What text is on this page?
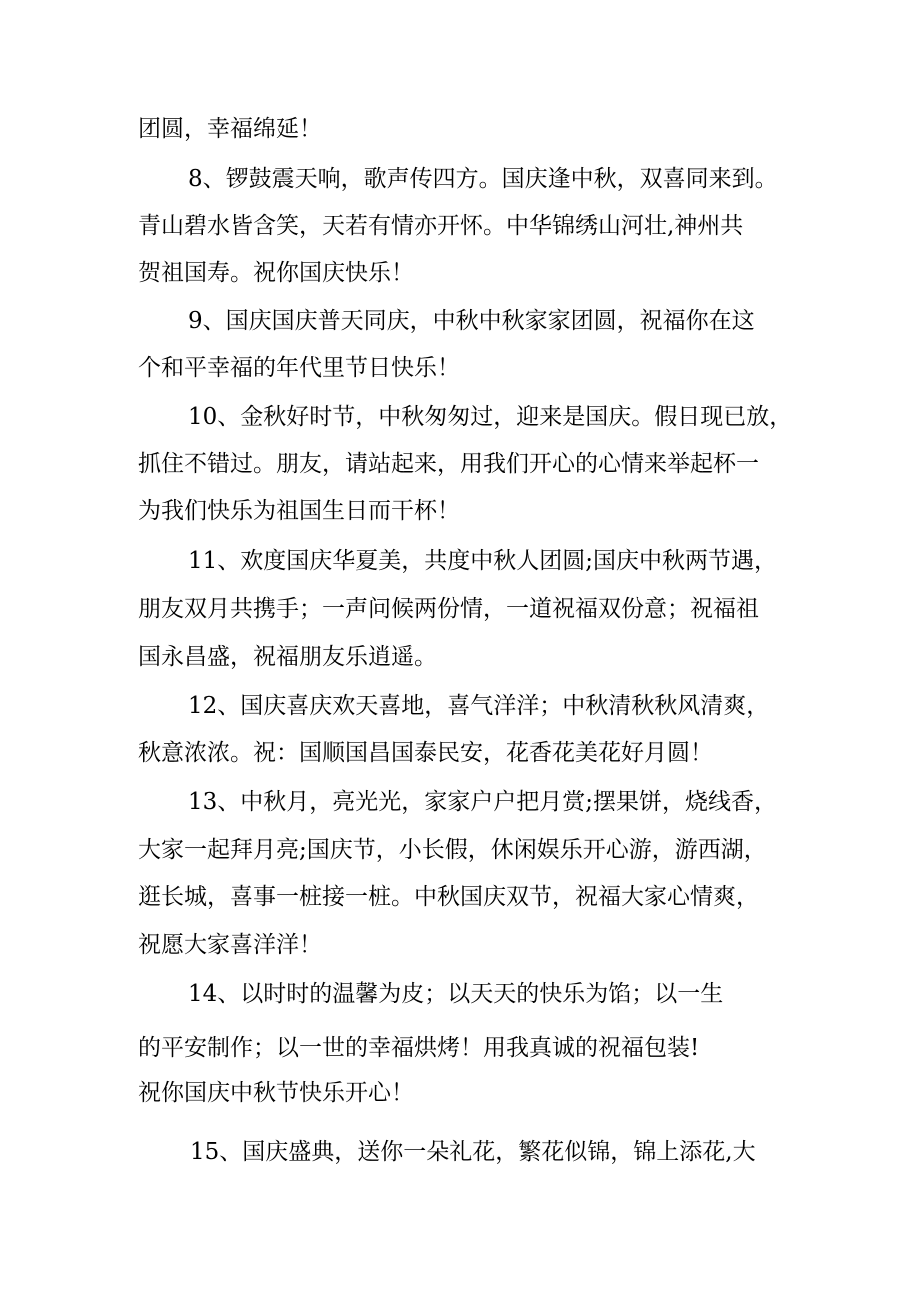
团圆，幸福绵延！
8、锣鼓震天响，歌声传四方。国庆逢中秋，双喜同来到。
青山碧水皆含笑，天若有情亦开怀。中华锦绣山河壮,神州共
贺祖国寿。祝你国庆快乐！
9、国庆国庆普天同庆，中秋中秋家家团圆，祝福你在这
个和平幸福的年代里节日快乐！
10、金秋好时节，中秋匆匆过，迎来是国庆。假日现已放，
抓住不错过。朋友，请站起来，用我们开心的心情来举起杯一
为我们快乐为祖国生日而干杯！
11、欢度国庆华夏美，共度中秋人团圆;国庆中秋两节遇，
朋友双月共携手；一声问候两份情，一道祝福双份意；祝福祖
国永昌盛，祝福朋友乐逍遥。
12、国庆喜庆欢天喜地，喜气洋洋；中秋清秋秋风清爽，
秋意浓浓。祝：国顺国昌国泰民安，花香花美花好月圆！
13、中秋月，亮光光，家家户户把月赏;摆果饼，烧线香，
大家一起拜月亮;国庆节，小长假，休闲娱乐开心游，游西湖，
逛长城，喜事一桩接一桩。中秋国庆双节，祝福大家心情爽，
祝愿大家喜洋洋！
14、以时时的温馨为皮；以天天的快乐为馅；以一生
的平安制作；以一世的幸福烘烤！用我真诚的祝福包装!
祝你国庆中秋节快乐开心！
15、国庆盛典，送你一朵礼花，繁花似锦，锦上添花,大
